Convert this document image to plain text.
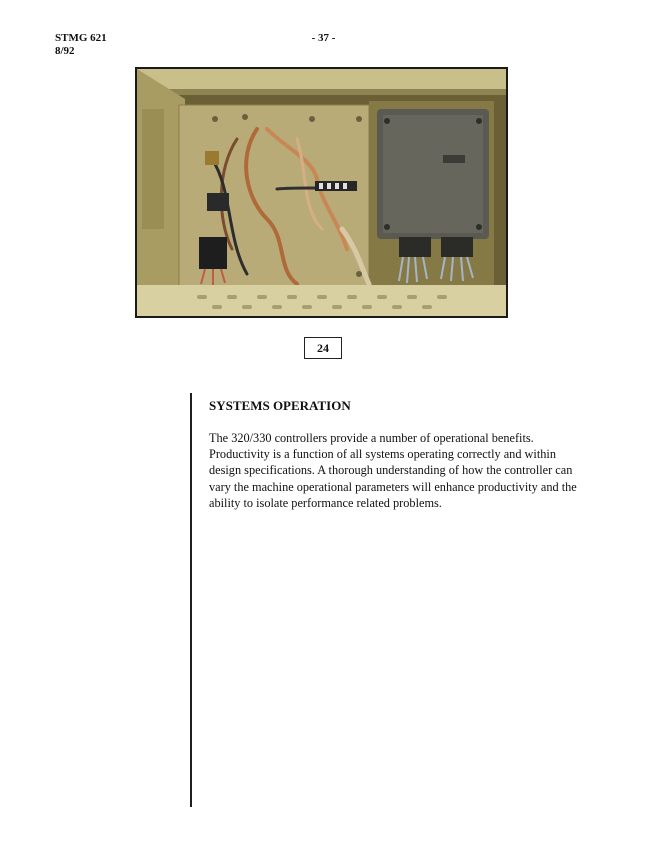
STMG 621
8/92
- 37 -
24
SYSTEMS OPERATION

The 320/330 controllers provide a number of operational benefits. Productivity is a function of all systems operating correctly and within design specifications. A thorough understanding of how the controller can vary the machine operational parameters will enhance productivity and the ability to isolate performance related problems.
